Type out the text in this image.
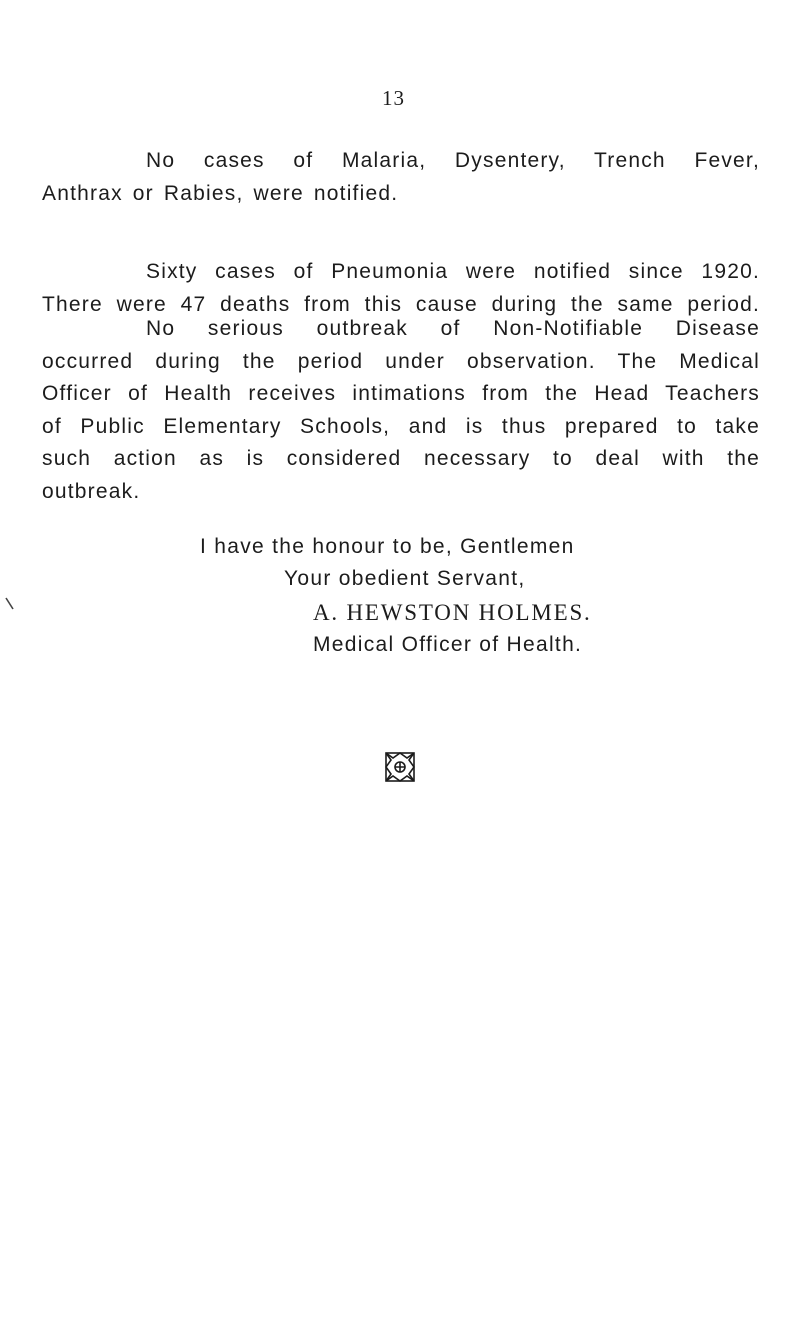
13

No cases of Malaria, Dysentery, Trench Fever,
Anthrax or Rabies, were notified.

Sixty cases of Pneumonia were notified since 1920.
There were 47 deaths from this cause during the same period.

No serious outbreak of Non-Notifiable Disease
occurred during the period under observation. The Medical
Officer of Health receives intimations from the Head Teachers
of Public Elementary Schools, and is thus prepared to take
such action as is considered necessary to deal with the
outbreak.

I have the honour to be, Gentlemen
Your obedient Servant,
A. HEWSTON HOLMES.
Medical Officer of Health.
